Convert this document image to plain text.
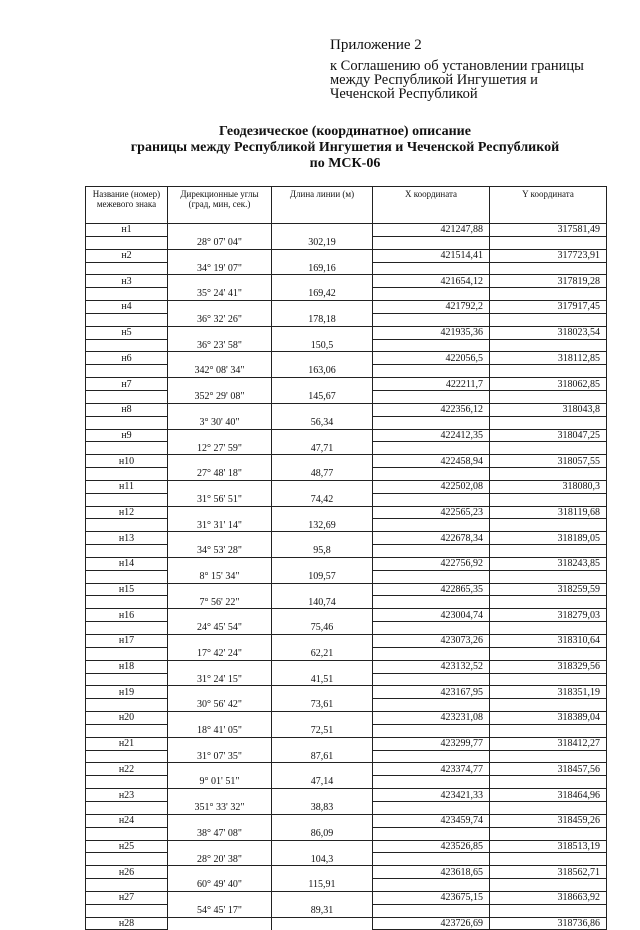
Приложение 2
к Соглашению об установлении границы
между Республикой Ингушетия и
Чеченской Республикой
Геодезическое (координатное) описание
границы между Республикой Ингушетия и Чеченской Республикой
по МСК-06
Название (номер) межевого знака	Дирекционные углы (град, мин, сек.)	Длина линии (м)	X координата	Y координата
н1			421247,88	317581,49
	28° 07' 04"	302,19		
н2			421514,41	317723,91
	34° 19' 07"	169,16		
н3			421654,12	317819,28
	35° 24' 41"	169,42		
н4			421792,2	317917,45
	36° 32' 26"	178,18		
н5			421935,36	318023,54
	36° 23' 58"	150,5		
н6			422056,5	318112,85
	342° 08' 34"	163,06		
н7			422211,7	318062,85
	352° 29' 08"	145,67		
н8			422356,12	318043,8
	3° 30' 40"	56,34		
н9			422412,35	318047,25
	12° 27' 59"	47,71		
н10			422458,94	318057,55
	27° 48' 18"	48,77		
н11			422502,08	318080,3
	31° 56' 51"	74,42		
н12			422565,23	318119,68
	31° 31' 14"	132,69		
н13			422678,34	318189,05
	34° 53' 28"	95,8		
н14			422756,92	318243,85
	8° 15' 34"	109,57		
н15			422865,35	318259,59
	7° 56' 22"	140,74		
н16			423004,74	318279,03
	24° 45' 54"	75,46		
н17			423073,26	318310,64
	17° 42' 24"	62,21		
н18			423132,52	318329,56
	31° 24' 15"	41,51		
н19			423167,95	318351,19
	30° 56' 42"	73,61		
н20			423231,08	318389,04
	18° 41' 05"	72,51		
н21			423299,77	318412,27
	31° 07' 35"	87,61		
н22			423374,77	318457,56
	9° 01' 51"	47,14		
н23			423421,33	318464,96
	351° 33' 32"	38,83		
н24			423459,74	318459,26
	38° 47' 08"	86,09		
н25			423526,85	318513,19
	28° 20' 38"	104,3		
н26			423618,65	318562,71
	60° 49' 40"	115,91		
н27			423675,15	318663,92
	54° 45' 17"	89,31		
н28			423726,69	318736,86
